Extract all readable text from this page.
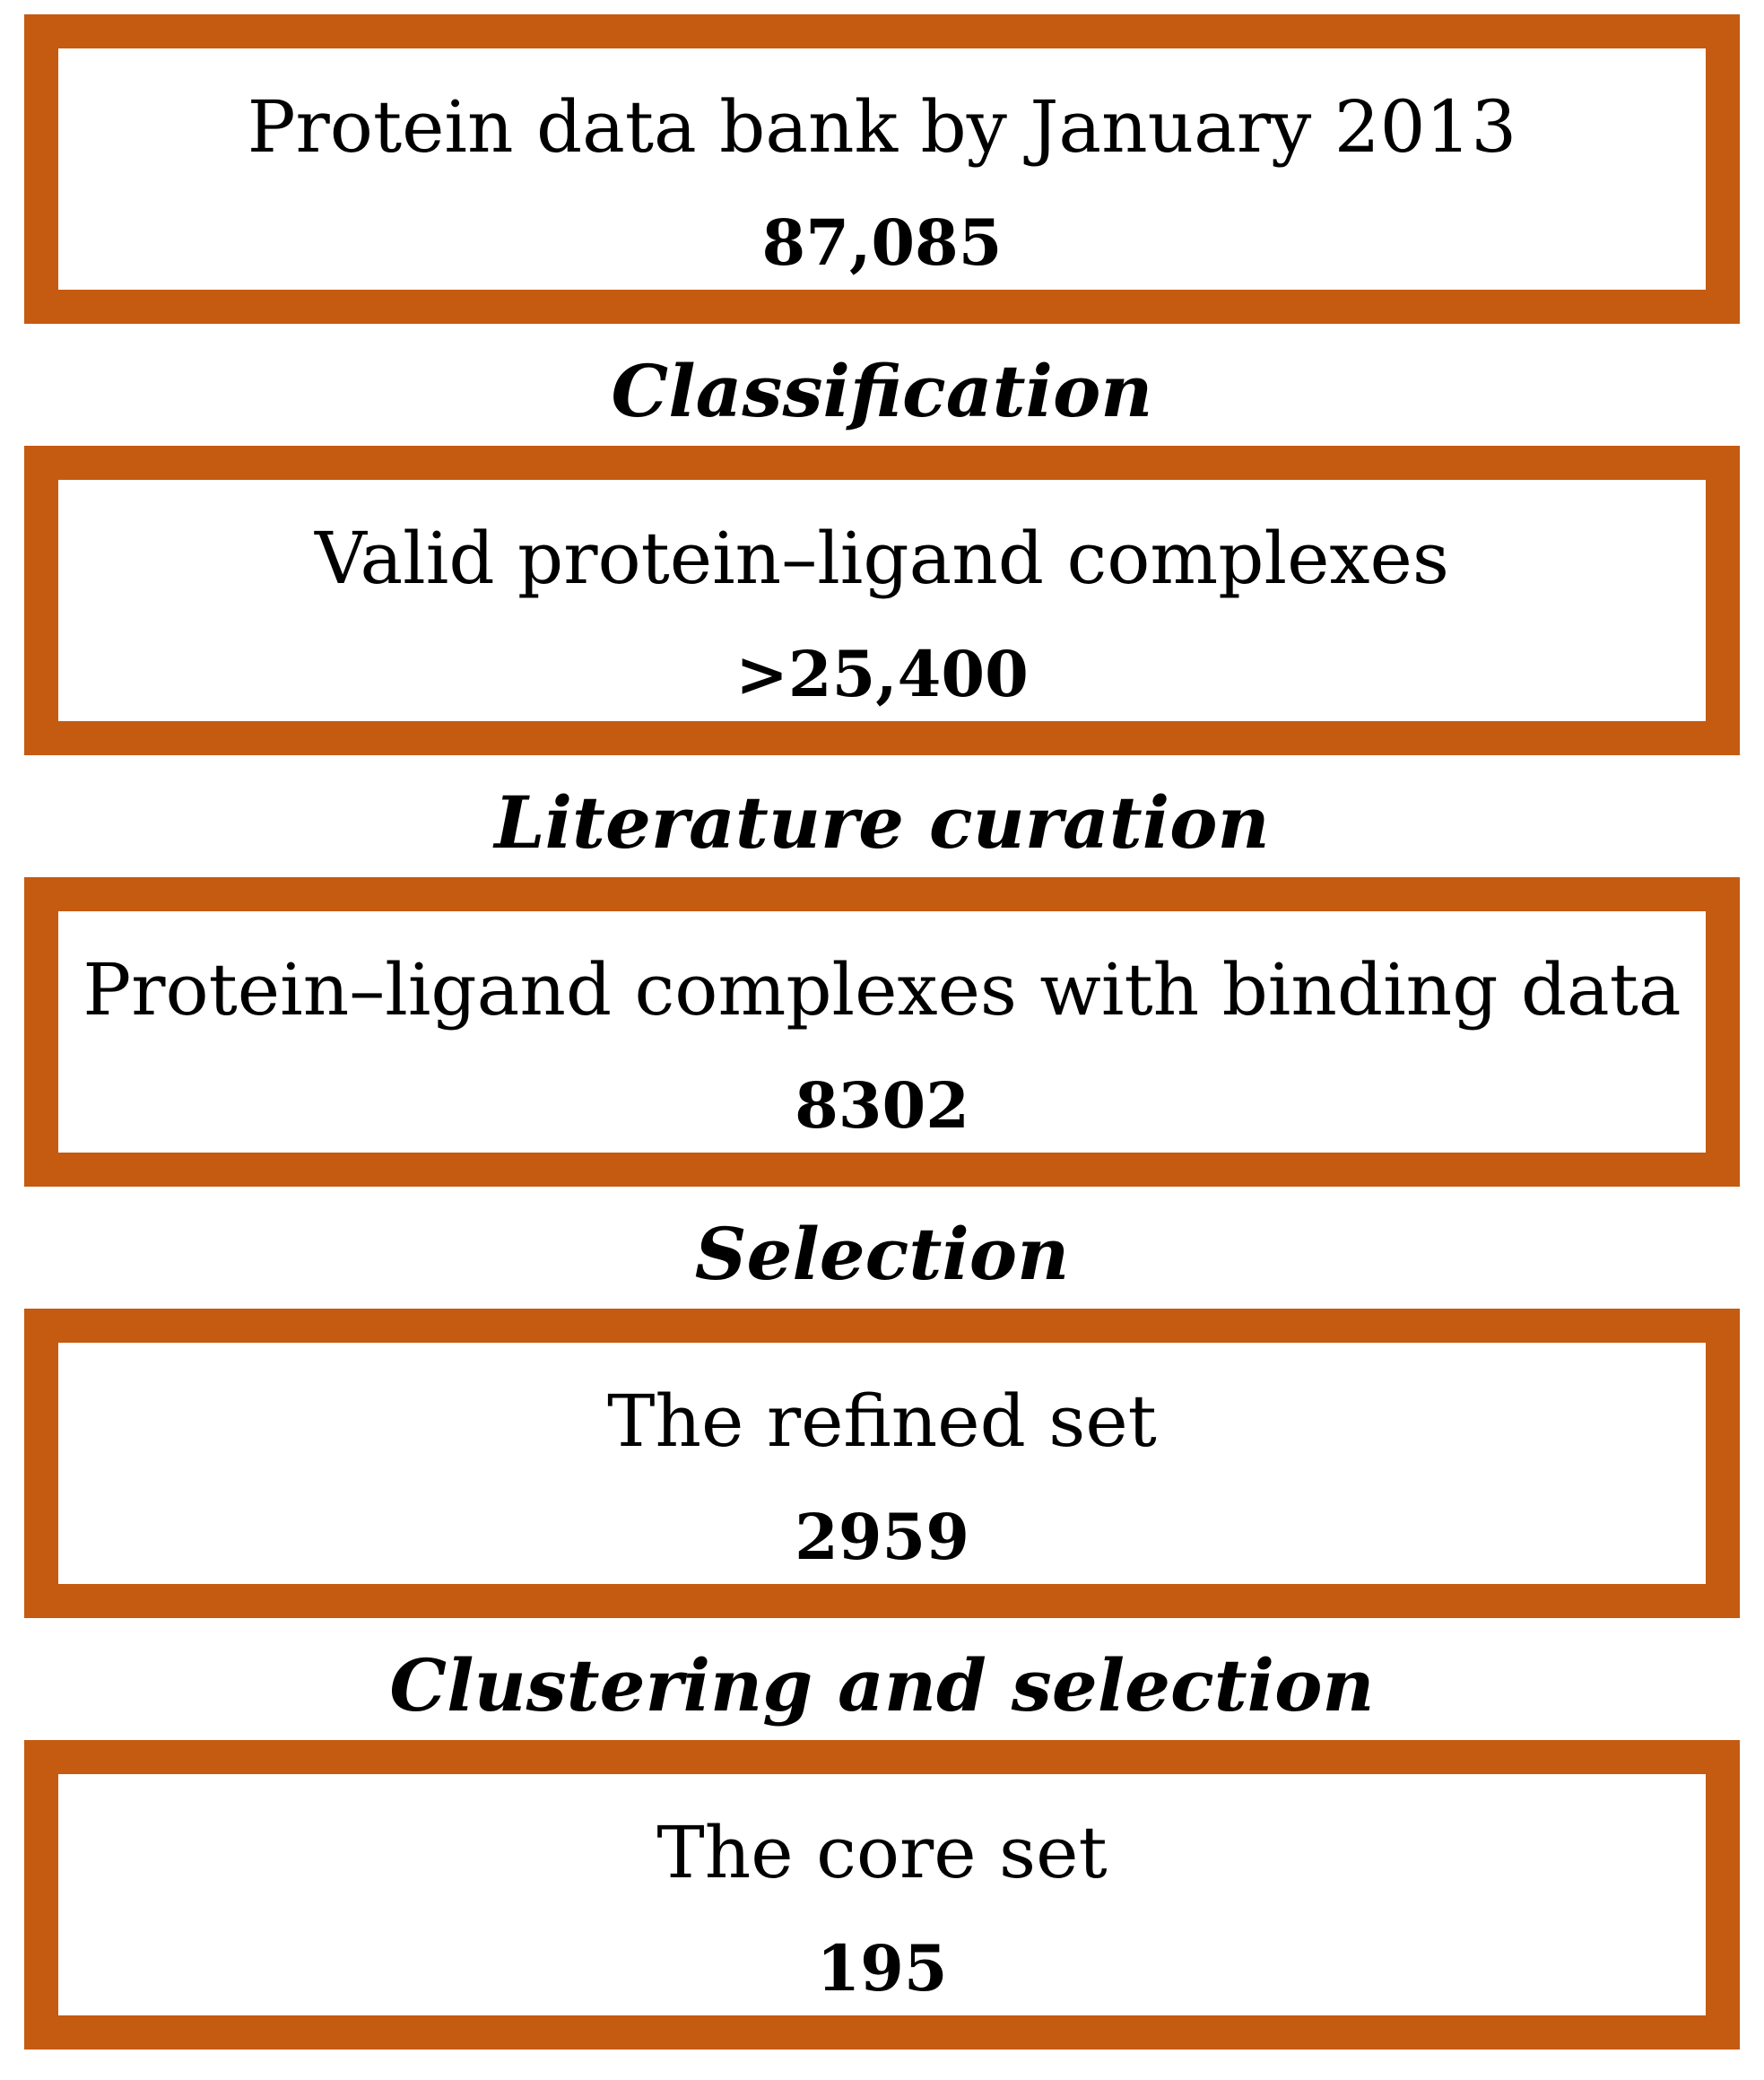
Protein data bank by January 2013
87,085
Classification
Valid protein–ligand complexes
>25,400
Literature curation
Protein–ligand complexes with binding data
8302
Selection
The refined set
2959
Clustering and selection
The core set
195
